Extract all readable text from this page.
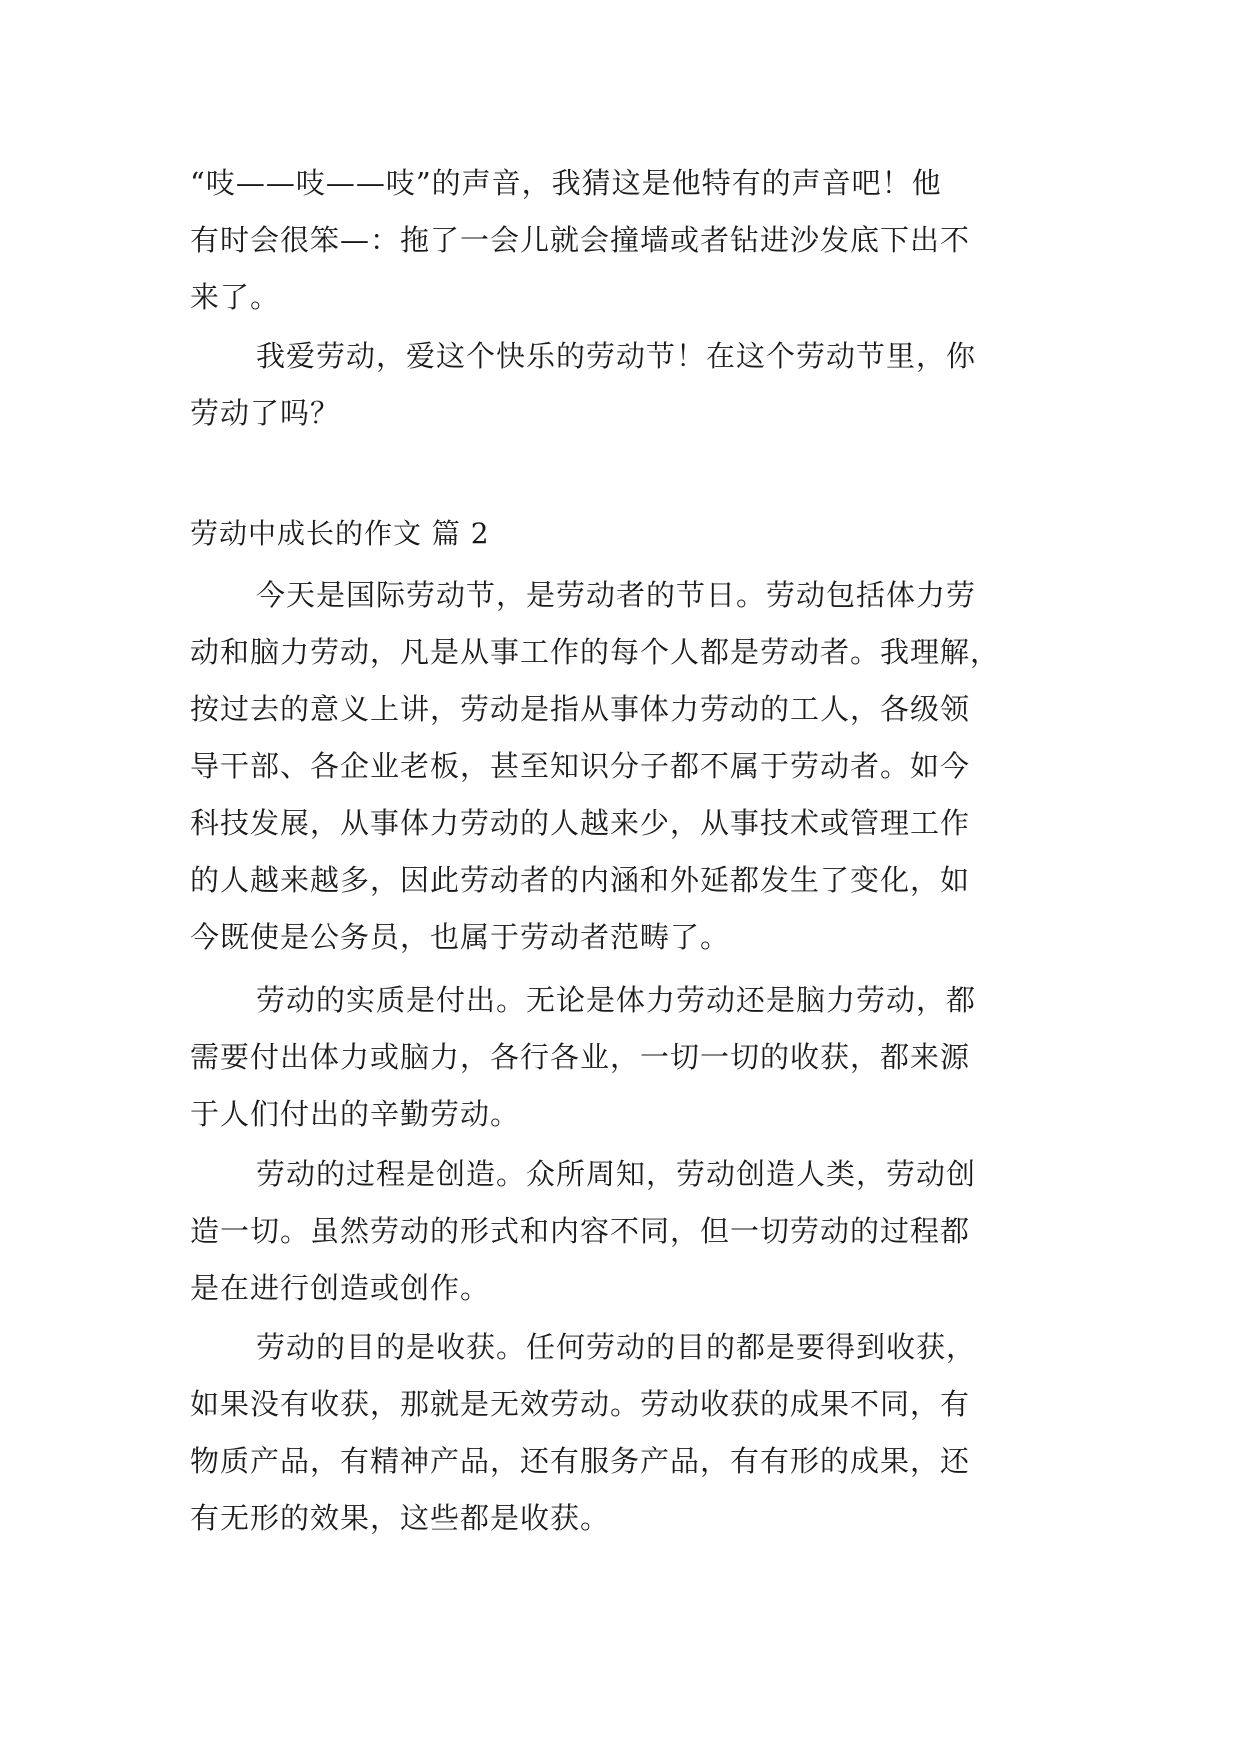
“吱——吱——吱”的声音，我猜这是他特有的声音吧！他
有时会很笨—：拖了一会儿就会撞墙或者钻进沙发底下出不
来了。

我爱劳动，爱这个快乐的劳动节！在这个劳动节里，你
劳动了吗？

劳动中成长的作文 篇 2

今天是国际劳动节，是劳动者的节日。劳动包括体力劳
动和脑力劳动，凡是从事工作的每个人都是劳动者。我理解，
按过去的意义上讲，劳动是指从事体力劳动的工人，各级领
导干部、各企业老板，甚至知识分子都不属于劳动者。如今
科技发展，从事体力劳动的人越来少，从事技术或管理工作
的人越来越多，因此劳动者的内涵和外延都发生了变化，如
今既使是公务员，也属于劳动者范畴了。

劳动的实质是付出。无论是体力劳动还是脑力劳动，都
需要付出体力或脑力，各行各业，一切一切的收获，都来源
于人们付出的辛勤劳动。

劳动的过程是创造。众所周知，劳动创造人类，劳动创
造一切。虽然劳动的形式和内容不同，但一切劳动的过程都
是在进行创造或创作。

劳动的目的是收获。任何劳动的目的都是要得到收获，
如果没有收获，那就是无效劳动。劳动收获的成果不同，有
物质产品，有精神产品，还有服务产品，有有形的成果，还
有无形的效果，这些都是收获。
